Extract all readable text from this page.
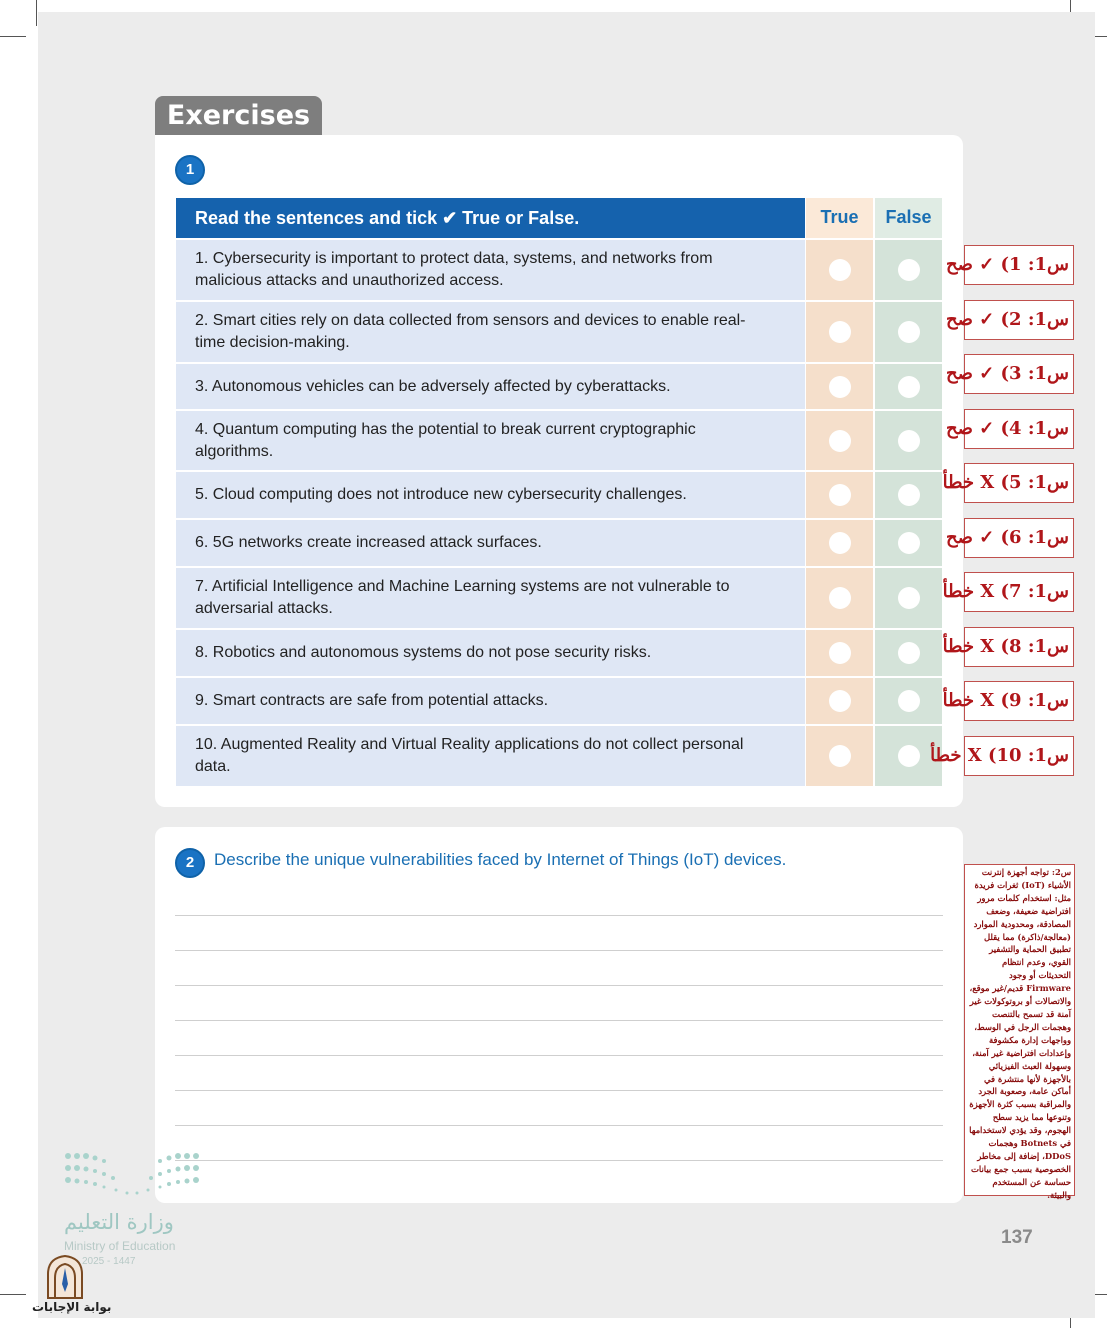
Exercises
1
Read the sentences and tick ✔ True or False.	True	False
1. Cybersecurity is important to protect data, systems, and networks from malicious attacks and unauthorized access.
2. Smart cities rely on data collected from sensors and devices to enable real-time decision-making.
3. Autonomous vehicles can be adversely affected by cyberattacks.
4. Quantum computing has the potential to break current cryptographic algorithms.
5. Cloud computing does not introduce new cybersecurity challenges.
6. 5G networks create increased attack surfaces.
7. Artificial Intelligence and Machine Learning systems are not vulnerable to adversarial attacks.
8. Robotics and autonomous systems do not pose security risks.
9. Smart contracts are safe from potential attacks.
10. Augmented Reality and Virtual Reality applications do not collect personal data.
س1: 1) ✓ صح
س1: 2) ✓ صح
س1: 3) ✓ صح
س1: 4) ✓ صح
س1: 5) X خطأ
س1: 6) ✓ صح
س1: 7) X خطأ
س1: 8) X خطأ
س1: 9) X خطأ
س1: 10) X خطأ
2	Describe the unique vulnerabilities faced by Internet of Things (IoT) devices.
س2: تواجه أجهزة إنترنت الأشياء (IoT) ثغرات فريدة مثل: استخدام كلمات مرور افتراضية ضعيفة، وضعف المصادقة، ومحدودية الموارد (معالجة/ذاكرة) مما يقلل تطبيق الحماية والتشفير القوي، وعدم انتظام التحديثات أو وجود Firmware قديم/غير موقع، والاتصالات أو بروتوكولات غير آمنة قد تسمح بالتنصت وهجمات الرجل في الوسط، وواجهات إدارة مكشوفة وإعدادات افتراضية غير آمنة، وسهولة العبث الفيزيائي بالأجهزة لأنها منتشرة في أماكن عامة، وصعوبة الجرد والمراقبة بسبب كثرة الأجهزة وتنوعها مما يزيد سطح الهجوم، وقد يؤدي لاستخدامها في Botnets وهجمات DDoS، إضافة إلى مخاطر الخصوصية بسبب جمع بيانات حساسة عن المستخدم والبيئة.
وزارة التعليم
Ministry of Education
2025 - 1447
بوابة الإجابات
137
